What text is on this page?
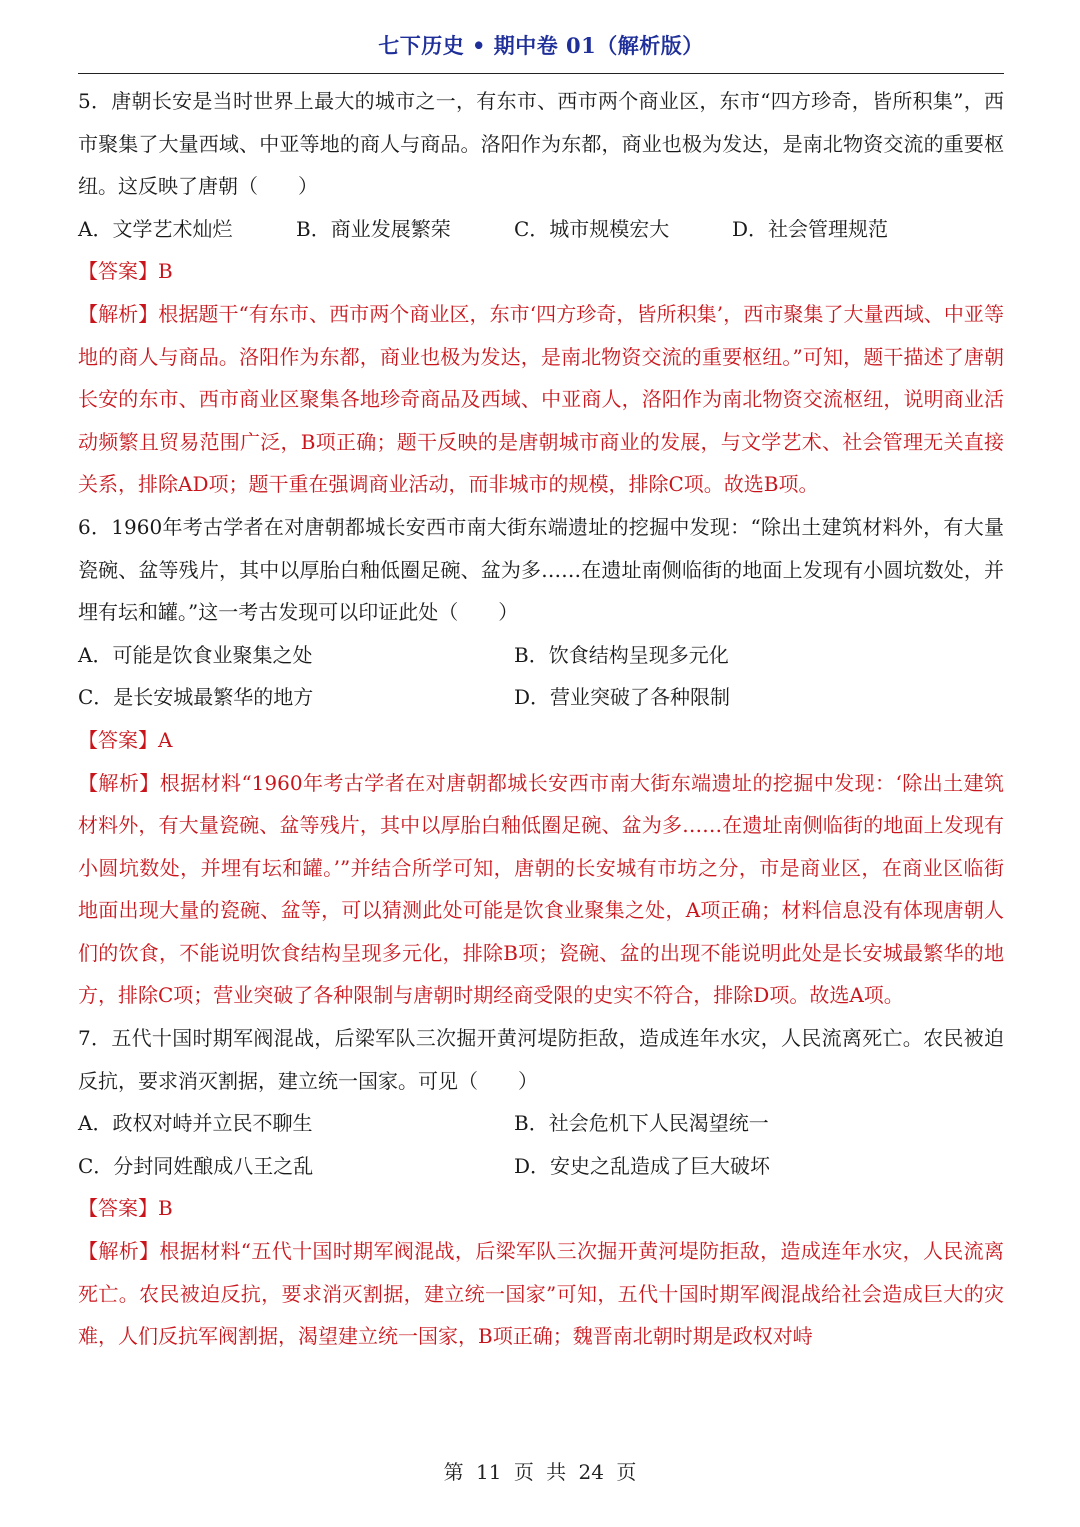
七下历史 • 期中卷 01（解析版）

5．唐朝长安是当时世界上最大的城市之一，有东市、西市两个商业区，东市“四方珍奇，皆所积集”，西市聚集了大量西域、中亚等地的商人与商品。洛阳作为东都，商业也极为发达，是南北物资交流的重要枢纽。这反映了唐朝（　　）

A．文学艺术灿烂	B．商业发展繁荣	C．城市规模宏大	D．社会管理规范

【答案】B

【解析】根据题干“有东市、西市两个商业区，东市‘四方珍奇，皆所积集’，西市聚集了大量西域、中亚等地的商人与商品。洛阳作为东都，商业也极为发达，是南北物资交流的重要枢纽。”可知，题干描述了唐朝长安的东市、西市商业区聚集各地珍奇商品及西域、中亚商人，洛阳作为南北物资交流枢纽，说明商业活动频繁且贸易范围广泛，B项正确；题干反映的是唐朝城市商业的发展，与文学艺术、社会管理无关直接关系，排除AD项；题干重在强调商业活动，而非城市的规模，排除C项。故选B项。

6．1960年考古学者在对唐朝都城长安西市南大街东端遗址的挖掘中发现：“除出土建筑材料外，有大量瓷碗、盆等残片，其中以厚胎白釉低圈足碗、盆为多……在遗址南侧临街的地面上发现有小圆坑数处，并埋有坛和罐。”这一考古发现可以印证此处（　　）

A．可能是饮食业聚集之处	B．饮食结构呈现多元化
C．是长安城最繁华的地方	D．营业突破了各种限制

【答案】A

【解析】根据材料“1960年考古学者在对唐朝都城长安西市南大街东端遗址的挖掘中发现：‘除出土建筑材料外，有大量瓷碗、盆等残片，其中以厚胎白釉低圈足碗、盆为多……在遗址南侧临街的地面上发现有小圆坑数处，并埋有坛和罐。’”并结合所学可知，唐朝的长安城有市坊之分，市是商业区，在商业区临街地面出现大量的瓷碗、盆等，可以猜测此处可能是饮食业聚集之处，A项正确；材料信息没有体现唐朝人们的饮食，不能说明饮食结构呈现多元化，排除B项；瓷碗、盆的出现不能说明此处是长安城最繁华的地方，排除C项；营业突破了各种限制与唐朝时期经商受限的史实不符合，排除D项。故选A项。

7．五代十国时期军阀混战，后梁军队三次掘开黄河堤防拒敌，造成连年水灾，人民流离死亡。农民被迫反抗，要求消灭割据，建立统一国家。可见（　　）

A．政权对峙并立民不聊生	B．社会危机下人民渴望统一
C．分封同姓酿成八王之乱	D．安史之乱造成了巨大破坏

【答案】B

【解析】根据材料“五代十国时期军阀混战，后梁军队三次掘开黄河堤防拒敌，造成连年水灾，人民流离死亡。农民被迫反抗，要求消灭割据，建立统一国家”可知，五代十国时期军阀混战给社会造成巨大的灾难，人们反抗军阀割据，渴望建立统一国家，B项正确；魏晋南北朝时期是政权对峙

第 11 页 共 24 页
